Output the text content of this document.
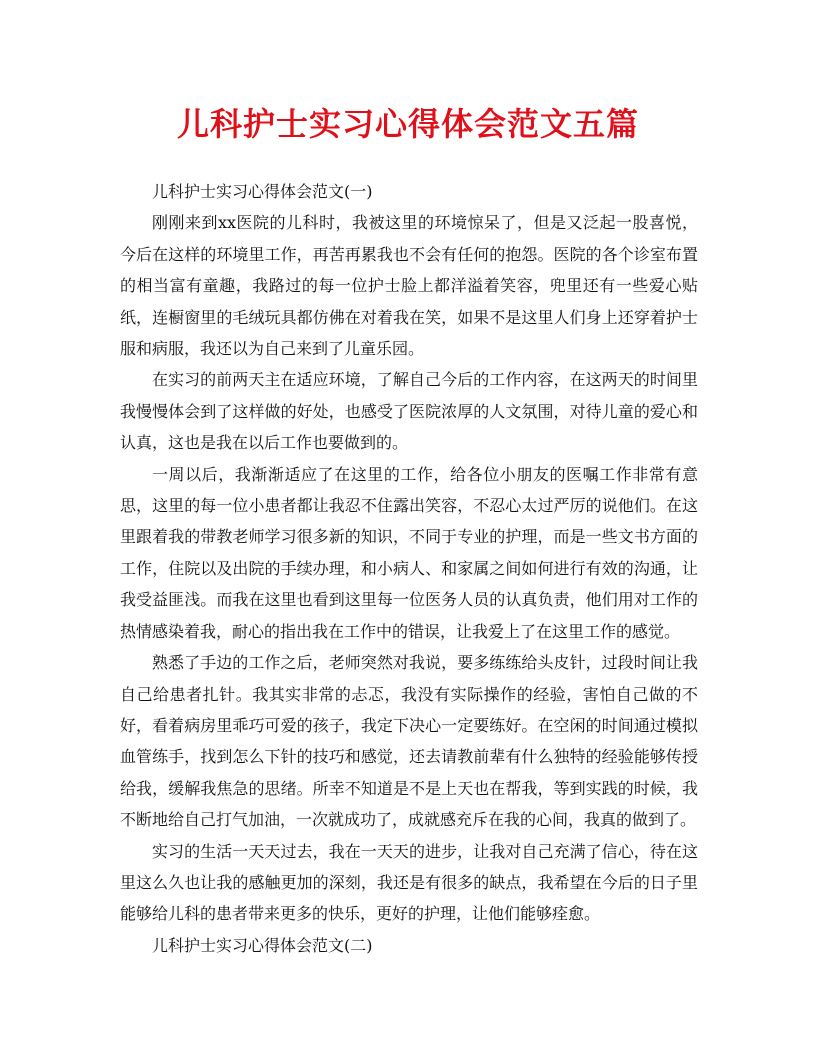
儿科护士实习心得体会范文五篇

儿科护士实习心得体会范文(一)

刚刚来到xx医院的儿科时，我被这里的环境惊呆了，但是又泛起一股喜悦，今后在这样的环境里工作，再苦再累我也不会有任何的抱怨。医院的各个诊室布置的相当富有童趣，我路过的每一位护士脸上都洋溢着笑容，兜里还有一些爱心贴纸，连橱窗里的毛绒玩具都仿佛在对着我在笑，如果不是这里人们身上还穿着护士服和病服，我还以为自己来到了儿童乐园。

在实习的前两天主在适应环境，了解自己今后的工作内容，在这两天的时间里我慢慢体会到了这样做的好处，也感受了医院浓厚的人文氛围，对待儿童的爱心和认真，这也是我在以后工作也要做到的。

一周以后，我渐渐适应了在这里的工作，给各位小朋友的医嘱工作非常有意思，这里的每一位小患者都让我忍不住露出笑容，不忍心太过严厉的说他们。在这里跟着我的带教老师学习很多新的知识，不同于专业的护理，而是一些文书方面的工作，住院以及出院的手续办理，和小病人、和家属之间如何进行有效的沟通，让我受益匪浅。而我在这里也看到这里每一位医务人员的认真负责，他们用对工作的热情感染着我，耐心的指出我在工作中的错误，让我爱上了在这里工作的感觉。

熟悉了手边的工作之后，老师突然对我说，要多练练给头皮针，过段时间让我自己给患者扎针。我其实非常的忐忑，我没有实际操作的经验，害怕自己做的不好，看着病房里乖巧可爱的孩子，我定下决心一定要练好。在空闲的时间通过模拟血管练手，找到怎么下针的技巧和感觉，还去请教前辈有什么独特的经验能够传授给我，缓解我焦急的思绪。所幸不知道是不是上天也在帮我，等到实践的时候，我不断地给自己打气加油，一次就成功了，成就感充斥在我的心间，我真的做到了。

实习的生活一天天过去，我在一天天的进步，让我对自己充满了信心，待在这里这么久也让我的感触更加的深刻，我还是有很多的缺点，我希望在今后的日子里能够给儿科的患者带来更多的快乐，更好的护理，让他们能够痊愈。

儿科护士实习心得体会范文(二)
